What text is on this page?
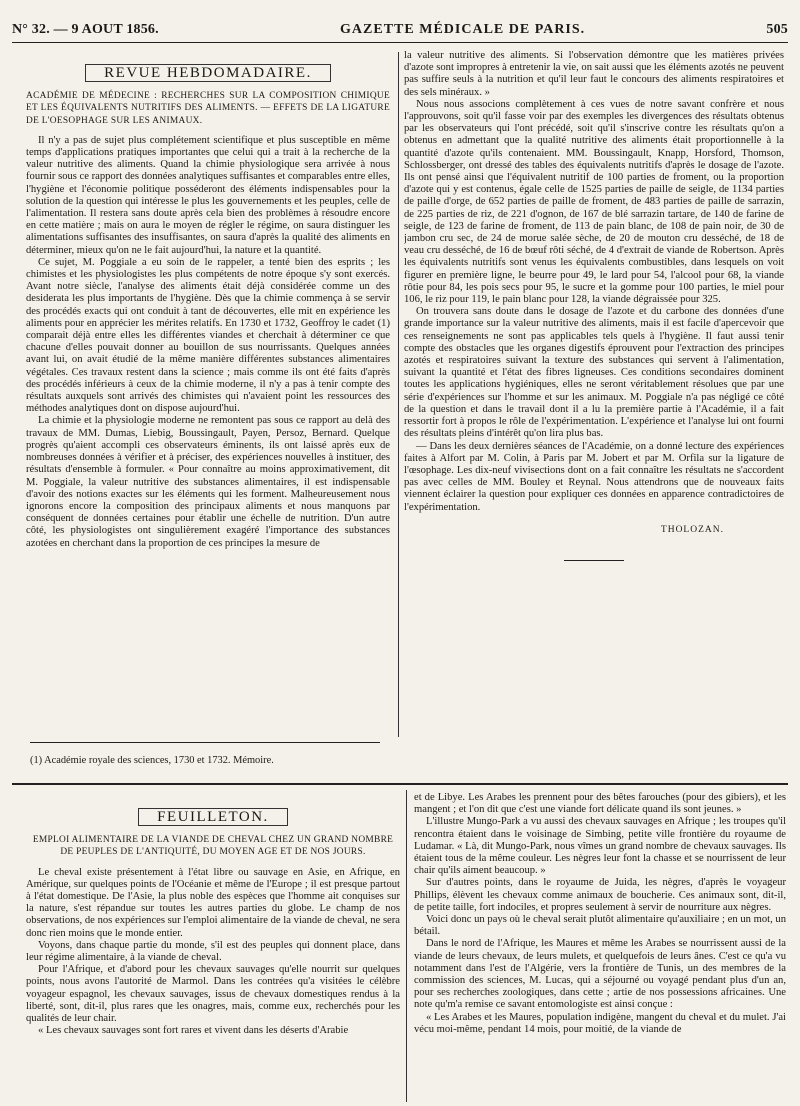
N° 32. — 9 AOUT 1856.	GAZETTE MÉDICALE DE PARIS.	505
REVUE HEBDOMADAIRE.
ACADÉMIE DE MÉDECINE : RECHERCHES SUR LA COMPOSITION CHIMIQUE ET LES ÉQUIVALENTS NUTRITIFS DES ALIMENTS. — EFFETS DE LA LIGATURE DE L'OESOPHAGE SUR LES ANIMAUX.

Il n'y a pas de sujet plus complétement scientifique et plus susceptible en même temps d'applications pratiques importantes que celui qui a trait à la recherche de la valeur nutritive des aliments. Quand la chimie physiologique sera arrivée à nous fournir sous ce rapport des données analytiques suffisantes et comparables entre elles, l'hygiène et l'économie politique posséderont des éléments indispensables pour la solution de la question qui intéresse le plus les gouvernements et les peuples, celle de l'alimentation. Il restera sans doute après cela bien des problèmes à résoudre encore en cette matière ; mais on aura le moyen de régler le régime, on saura distinguer les alimentations suffisantes des insuffisantes, on saura d'après la qualité des aliments en déterminer, mieux qu'on ne le fait aujourd'hui, la nature et la quantité.

Ce sujet, M. Poggiale a eu soin de le rappeler, a tenté bien des esprits ; les chimistes et les physiologistes les plus compétents de notre époque s'y sont exercés. Avant notre siècle, l'analyse des aliments était déjà considérée comme un des desiderata les plus importants de l'hygiène. Dès que la chimie commença à se servir des procédés exacts qui ont conduit à tant de découvertes, elle mit en expérience les aliments pour en apprécier les mérites relatifs. En 1730 et 1732, Geoffroy le cadet (1) comparait déjà entre elles les différentes viandes et cherchait à déterminer ce que chacune d'elles pouvait donner au bouillon de sus nourrissants. Quelques années avant lui, on avait étudié de la même manière différentes substances alimentaires végétales. Ces travaux restent dans la science ; mais comme ils ont été faits d'après des procédés inférieurs à ceux de la chimie moderne, il n'y a pas à tenir compte des résultats auxquels sont arrivés des chimistes qui n'avaient point les ressources des méthodes analytiques dont on dispose aujourd'hui.

La chimie et la physiologie moderne ne remontent pas sous ce rapport au delà des travaux de MM. Dumas, Liebig, Boussingault, Payen, Persoz, Bernard. Quelque progrès qu'aient accompli ces observateurs éminents, ils ont laissé après eux de nombreuses données à vérifier et à préciser, des expériences nouvelles à instituer, des résultats d'ensemble à formuler. « Pour connaître au moins approximativement, dit M. Poggiale, la valeur nutritive des substances alimentaires, il est indispensable d'avoir des notions exactes sur les éléments qui les forment. Malheureusement nous ignorons encore la composition des principaux aliments et nous manquons par conséquent de données certaines pour établir une échelle de nutrition. D'un autre côté, les physiologistes ont singulièrement exagéré l'importance des substances azotées en cherchant dans la proportion de ces principes la mesure de

la valeur nutritive des aliments. Si l'observation démontre que les matières privées d'azote sont impropres à entretenir la vie, on sait aussi que les éléments azotés ne peuvent pas suffire seuls à la nutrition et qu'il leur faut le concours des aliments respiratoires et des sels minéraux. »

Nous nous associons complètement à ces vues de notre savant confrère et nous l'approuvons, soit qu'il fasse voir par des exemples les divergences des résultats obtenus par les observateurs qui l'ont précédé, soit qu'il s'inscrive contre les résultats qu'on a obtenus en admettant que la qualité nutritive des aliments était proportionnelle à la quantité d'azote qu'ils contenaient. MM. Boussingault, Knapp, Horsford, Thomson, Schlossberger, ont dressé des tables des équivalents nutritifs d'après le dosage de l'azote. Ils ont pensé ainsi que l'équivalent nutritif de 100 parties de froment, ou la proportion d'azote qui y est contenus, égale celle de 1525 parties de paille de seigle, de 1134 parties de paille d'orge, de 652 parties de paille de froment, de 483 parties de paille de sarrazin, de 225 parties de riz, de 221 d'ognon, de 167 de blé sarrazin tartare, de 140 de farine de seigle, de 123 de farine de froment, de 113 de pain blanc, de 108 de pain noir, de 30 de jambon cru sec, de 24 de morue salée sèche, de 20 de mouton cru desséché, de 18 de veau cru desséché, de 16 de bœuf rôti séché, de 4 d'extrait de viande de Robertson. Après les équivalents nutritifs sont venus les équivalents combustibles, dans lesquels on voit figurer en première ligne, le beurre pour 49, le lard pour 54, l'alcool pour 68, la viande rôtie pour 84, les pois secs pour 95, le sucre et la gomme pour 100 parties, le miel pour 106, le riz pour 119, le pain blanc pour 128, la viande dégraissée pour 325.

On trouvera sans doute dans le dosage de l'azote et du carbone des données d'une grande importance sur la valeur nutritive des aliments, mais il est facile d'apercevoir que ces renseignements ne sont pas applicables tels quels à l'hygiène. Il faut aussi tenir compte des obstacles que les organes digestifs éprouvent pour l'extraction des principes azotés et respiratoires suivant la texture des substances qui servent à l'alimentation, suivant la quantité et l'état des fibres ligneuses. Ces conditions secondaires dominent toutes les applications hygiéniques, elles ne seront véritablement résolues que par une série d'expériences sur l'homme et sur les animaux. M. Poggiale n'a pas négligé ce côté de la question et dans le travail dont il a lu la première partie à l'Académie, il a fait ressortir fort à propos le rôle de l'expérimentation. L'expérience et l'analyse lui ont fourni des résultats pleins d'intérêt qu'on lira plus bas.

— Dans les deux dernières séances de l'Académie, on a donné lecture des expériences faites à Alfort par M. Colin, à Paris par M. Jobert et par M. Orfila sur la ligature de l'œsophage. Les dix-neuf vivisections dont on a fait connaître les résultats ne s'accordent pas avec celles de MM. Bouley et Reynal. Nous attendrons que de nouveaux faits viennent éclairer la question pour expliquer ces données en apparence contradictoires de l'expérimentation.

THOLOZAN.
(1) Académie royale des sciences, 1730 et 1732. Mémoire.
FEUILLETON.
EMPLOI ALIMENTAIRE DE LA VIANDE DE CHEVAL CHEZ UN GRAND NOMBRE DE PEUPLES DE L'ANTIQUITÉ, DU MOYEN AGE ET DE NOS JOURS.

Le cheval existe présentement à l'état libre ou sauvage en Asie, en Afrique, en Amérique, sur quelques points de l'Océanie et même de l'Europe ; il est presque partout à l'état domestique. De l'Asie, la plus noble des espèces que l'homme ait conquises sur la nature, s'est répandue sur toutes les autres parties du globe. Le champ de nos observations, de nos expériences sur l'emploi alimentaire de la viande de cheval, ne sera donc rien moins que le monde entier.

Voyons, dans chaque partie du monde, s'il est des peuples qui donnent place, dans leur régime alimentaire, à la viande de cheval.

Pour l'Afrique, et d'abord pour les chevaux sauvages qu'elle nourrit sur quelques points, nous avons l'autorité de Marmol. Dans les contrées qu'a visitées le célèbre voyageur espagnol, les chevaux sauvages, issus de chevaux domestiques rendus à la liberté, sont, dit-il, plus rares que les onagres, mais, comme eux, recherchés pour les qualités de leur chair.

« Les chevaux sauvages sont fort rares et vivent dans les déserts d'Arabie

et de Libye. Les Arabes les prennent pour des bêtes farouches (pour des gibiers), et les mangent ; et l'on dit que c'est une viande fort délicate quand ils sont jeunes. »

L'illustre Mungo-Park a vu aussi des chevaux sauvages en Afrique ; les troupes qu'il rencontra étaient dans le voisinage de Simbing, petite ville frontière du royaume de Ludamar. « Là, dit Mungo-Park, nous vîmes un grand nombre de chevaux sauvages. Ils étaient tous de la même couleur. Les nègres leur font la chasse et se nourrissent de leur chair qu'ils aiment beaucoup. »

Sur d'autres points, dans le royaume de Juida, les nègres, d'après le voyageur Phillips, élèvent les chevaux comme animaux de boucherie. Ces animaux sont, dit-il, de petite taille, fort indociles, et propres seulement à servir de nourriture aux nègres.

Voici donc un pays où le cheval serait plutôt alimentaire qu'auxiliaire ; en un mot, un bétail.

Dans le nord de l'Afrique, les Maures et même les Arabes se nourrissent aussi de la viande de leurs chevaux, de leurs mulets, et quelquefois de leurs ânes. C'est ce qu'a vu notamment dans l'est de l'Algérie, vers la frontière de Tunis, un des membres de la commission des sciences, M. Lucas, qui a séjourné ou voyagé pendant plus d'un an, pour ses recherches zoologiques, dans cette ; artie de nos possessions africaines. Une note qu'm'a remise ce savant entomologiste est ainsi conçue :

« Les Arabes et les Maures, population indigène, mangent du cheval et du mulet. J'ai vécu moi-même, pendant 14 mois, pour moitié, de la viande de
